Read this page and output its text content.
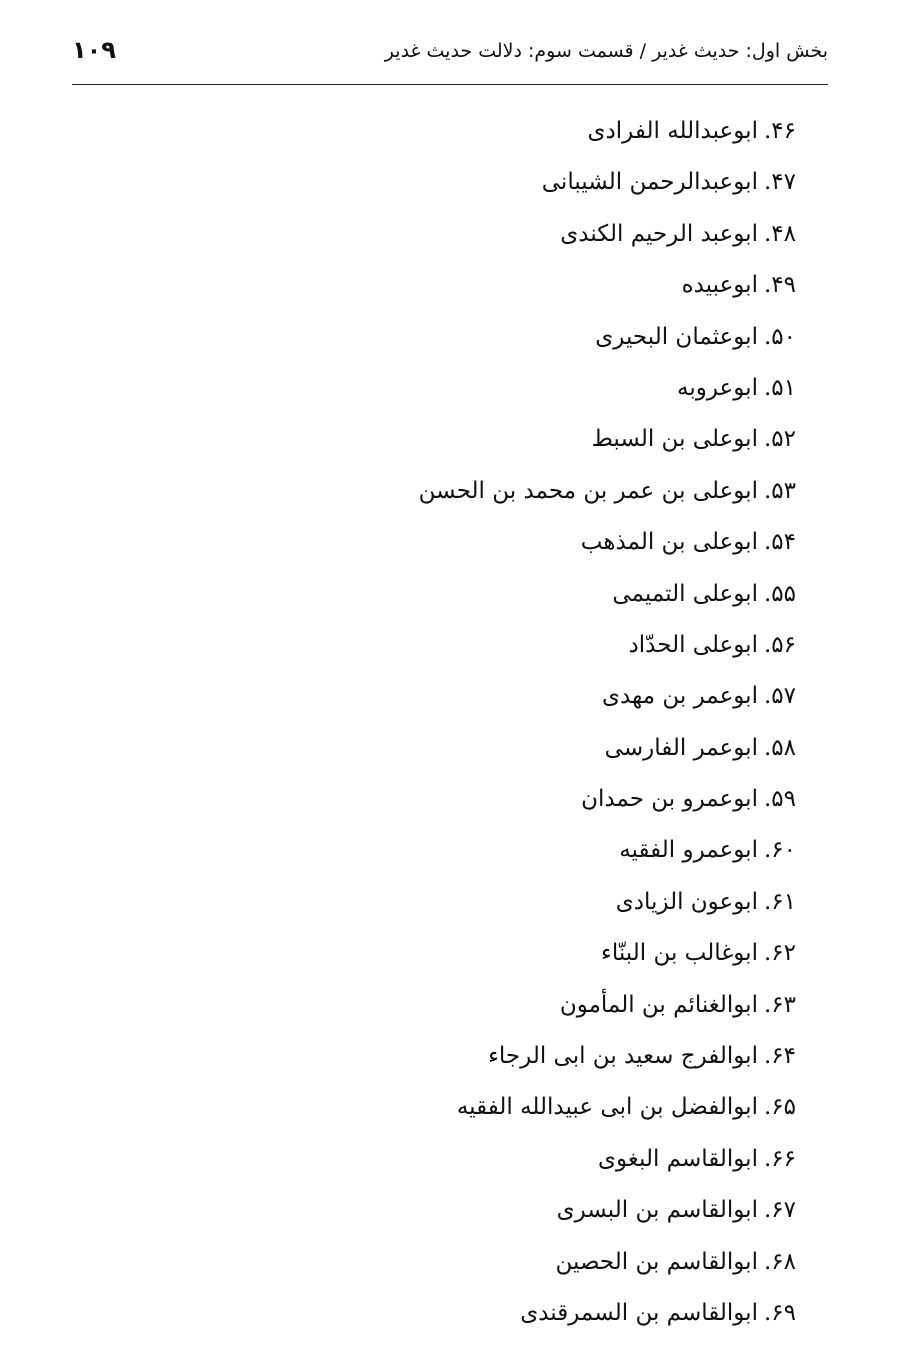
بخش اول: حدیث غدیر / قسمت سوم: دلالت حدیث غدیر
۱۰۹
۴۶.ابوعبدالله الفرادی
۴۷.ابوعبدالرحمن الشیبانی
۴۸.ابوعبد الرحیم الکندی
۴۹.ابوعبیده
۵۰.ابوعثمان البحیری
۵۱.ابوعروبه
۵۲.ابوعلی بن السبط
۵۳.ابوعلی بن عمر بن محمد بن الحسن
۵۴.ابوعلی بن المذهب
۵۵.ابوعلی التمیمی
۵۶.ابوعلی الحدّاد
۵۷.ابوعمر بن مهدی
۵۸.ابوعمر الفارسی
۵۹.ابوعمرو بن حمدان
۶۰.ابوعمرو الفقیه
۶۱.ابوعون الزیادی
۶۲.ابوغالب بن البنّاء
۶۳.ابوالغنائم بن المأمون
۶۴.ابوالفرج سعید بن ابی الرجاء
۶۵.ابوالفضل بن ابی عبیدالله الفقیه
۶۶.ابوالقاسم البغوی
۶۷.ابوالقاسم بن البسری
۶۸.ابوالقاسم بن الحصین
۶۹.ابوالقاسم بن السمرقندی
